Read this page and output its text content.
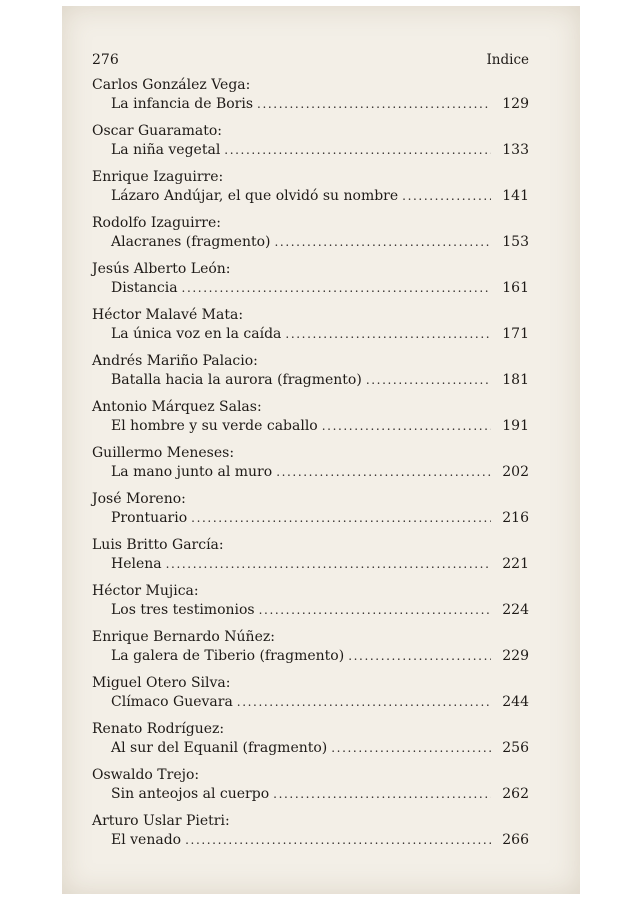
276	Indice
Carlos González Vega:
La infancia de Boris .....	129
Oscar Guaramato:
La niña vegetal .....	133
Enrique Izaguirre:
Lázaro Andújar, el que olvidó su nombre .....	141
Rodolfo Izaguirre:
Alacranes (fragmento) .....	153
Jesús Alberto León:
Distancia .....	161
Héctor Malavé Mata:
La única voz en la caída .....	171
Andrés Mariño Palacio:
Batalla hacia la aurora (fragmento) .....	181
Antonio Márquez Salas:
El hombre y su verde caballo .....	191
Guillermo Meneses:
La mano junto al muro .....	202
José Moreno:
Prontuario .....	216
Luis Britto García:
Helena .....	221
Héctor Mujica:
Los tres testimonios .....	224
Enrique Bernardo Núñez:
La galera de Tiberio (fragmento) .....	229
Miguel Otero Silva:
Clímaco Guevara .....	244
Renato Rodríguez:
Al sur del Equanil (fragmento) .....	256
Oswaldo Trejo:
Sin anteojos al cuerpo .....	262
Arturo Uslar Pietri:
El venado .....	266
